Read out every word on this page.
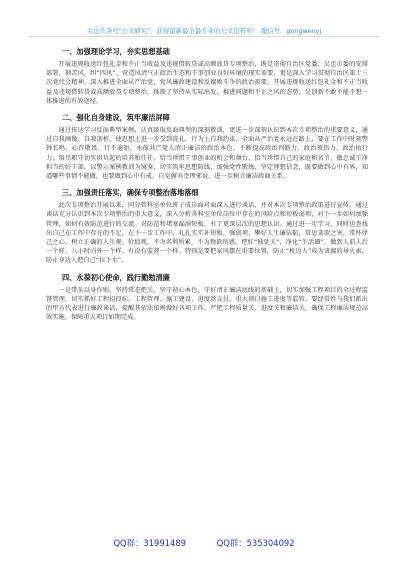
关注头条号"公文研究"，获得最新最全最专业的公文资料库！ 微信号：gongwenyj
一、加强理论学习，夯实思想基础

开展违规收送红包礼金和不正当收益及违规借转贷或高额放贷专项整治，既是贯彻自治区党委、吴忠市委的安排部署，刻苦风，纠“四风”、营造风清气正政治生态和干事创业良好环境的现实需要，更是深入学习贯彻自治区第十三次党代会精神，深入推进全面从严治党，党风廉政建设和反腐败斗争的政治需要。开展违规收送红包礼金和不正当收益及违规借转贷或高额放贷专项整治，体现了坚持从实际出发，推进问题和不正之风的态势，是创新不敢不能不想一体推进的有效途径。

二、强化自身建设，筑牢廉洁屏障

通过传达学习反面典型案例，认真汲取反面典型的深刻教训，更进一步深刻认识到本次专项整治的重要意义，通过自我画像、自我剖析，使思想上进一步受到洗礼，行为上自我约束，全面从严治党永远在路上，要在工作中时刻警钟长鸣、心存敬畏、行不逾矩，永葆共产党人清正廉洁的政治本色。不断提高政治判断力、政治领悟力、政治执行力，恪尽职守切实担负起的培养和任任，恰当珍惜干事创业的机会和舞台，恰当珍惜自己的家庭和名节，做忠诚干净担当的好干部，以警示案例教训为镜鉴，切实筑牢思想防线，加强党性锻炼，坚定理想信念，既要做到心中有界，知道哪些事情不能做，也要做到心中有戒，自觉摒弃歪理邪说，进一步树立廉洁政商关系。

三、加强责任落实，确保专项整治落地落细

此次专项整治开展以来，同分管科室单位班子成员面对面深入进行谈话，并对本次专项整治政策进行宣传。通过谈话充分认识到本次专项整治的重大意义，深入分析各科室单位岗位中存在的风险点和短板弱项，对下一步如何加强管理，如何有效防范进行的交流。对防范和堵塞漏洞短板，有了更深层次的思想认识。通过进一步学习，同时也查找出自己在工作中存在的不足，在下一步工作中，扎扎实实补短板，强弱项，攀好人生廉洁航，常思贪欲之害，常怀律己之心，树立正确的人生观、价值观，不为名利所累，不为物欲所惑，把好“独处关”，净化“生活圈”，做到人前人后一个样、八小时内外一个样、有没有监督一个样。特别是要把家风摆在重要位置，防止“枕边人”成为贪腐的导火索，防止身边人把自己“拉下水”。

四、永葆初心使命，践行勤勉清廉

一是带头以身作则，坚持常态把关，坚守初心本色，守好清正廉洁底线的基础上，切实加强工程项目的全过程监督管理，切实抓好工程招投标、工程管理、施工建设、进度款支付、重大项目施工进度等监管。要经常性与我们派出的甲方代表进行廉政谈话，提醒其依法依规做好各项工作，严把工程质量关、进度关和廉洁关，确保工程廉洁规范高效实施，保障重大项目如期完成。

QQ群：31991489	QQ群：535304092
